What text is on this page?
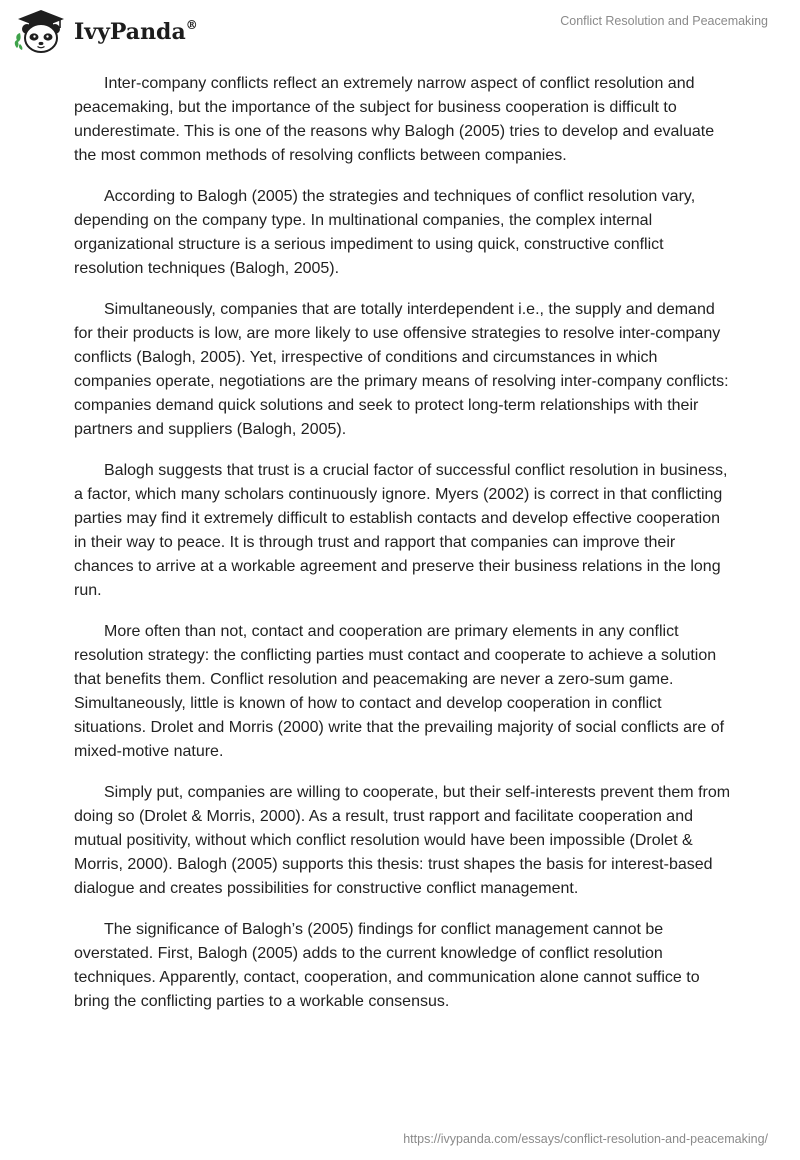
IvyPanda®	Conflict Resolution and Peacemaking

Inter-company conflicts reflect an extremely narrow aspect of conflict resolution and peacemaking, but the importance of the subject for business cooperation is difficult to underestimate. This is one of the reasons why Balogh (2005) tries to develop and evaluate the most common methods of resolving conflicts between companies.

According to Balogh (2005) the strategies and techniques of conflict resolution vary, depending on the company type. In multinational companies, the complex internal organizational structure is a serious impediment to using quick, constructive conflict resolution techniques (Balogh, 2005).

Simultaneously, companies that are totally interdependent i.e., the supply and demand for their products is low, are more likely to use offensive strategies to resolve inter-company conflicts (Balogh, 2005). Yet, irrespective of conditions and circumstances in which companies operate, negotiations are the primary means of resolving inter-company conflicts: companies demand quick solutions and seek to protect long-term relationships with their partners and suppliers (Balogh, 2005).

Balogh suggests that trust is a crucial factor of successful conflict resolution in business, a factor, which many scholars continuously ignore. Myers (2002) is correct in that conflicting parties may find it extremely difficult to establish contacts and develop effective cooperation in their way to peace. It is through trust and rapport that companies can improve their chances to arrive at a workable agreement and preserve their business relations in the long run.

More often than not, contact and cooperation are primary elements in any conflict resolution strategy: the conflicting parties must contact and cooperate to achieve a solution that benefits them. Conflict resolution and peacemaking are never a zero-sum game. Simultaneously, little is known of how to contact and develop cooperation in conflict situations. Drolet and Morris (2000) write that the prevailing majority of social conflicts are of mixed-motive nature.

Simply put, companies are willing to cooperate, but their self-interests prevent them from doing so (Drolet & Morris, 2000). As a result, trust rapport and facilitate cooperation and mutual positivity, without which conflict resolution would have been impossible (Drolet & Morris, 2000). Balogh (2005) supports this thesis: trust shapes the basis for interest-based dialogue and creates possibilities for constructive conflict management.

The significance of Balogh’s (2005) findings for conflict management cannot be overstated. First, Balogh (2005) adds to the current knowledge of conflict resolution techniques. Apparently, contact, cooperation, and communication alone cannot suffice to bring the conflicting parties to a workable consensus.

https://ivypanda.com/essays/conflict-resolution-and-peacemaking/
